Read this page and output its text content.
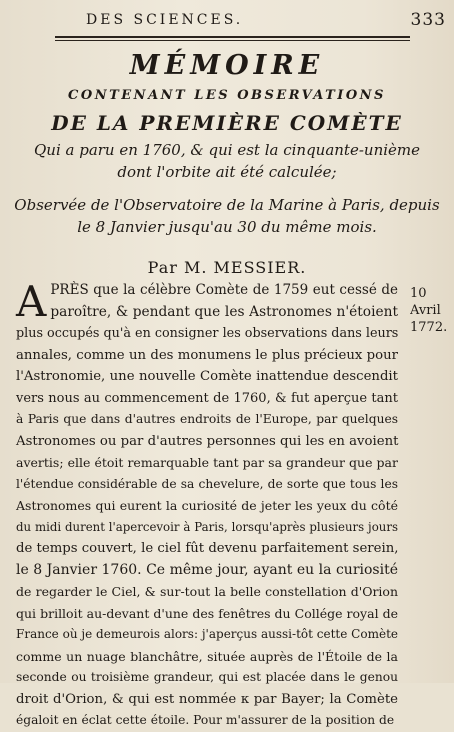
DES SCIENCES.	333
MÉMOIRE
CONTENANT LES OBSERVATIONS
DE LA PREMIÈRE COMÈTE
Qui a paru en 1760, & qui est la cinquante-unième
dont l'orbite ait été calculée;
Observée de l'Observatoire de la Marine à Paris, depuis
le 8 Janvier jusqu'au 30 du même mois.
Par M. MESSIER.
10 Avril
1772.
A PRÈS que la célèbre Comète de 1759 eut cessé de
paroître, & pendant que les Astronomes n'étoient
plus occupés qu'à en consigner les observations dans leurs
annales, comme un des monumens le plus précieux pour
l'Astronomie, une nouvelle Comète inattendue descendit
vers nous au commencement de 1760, & fut aperçue tant
à Paris que dans d'autres endroits de l'Europe, par quelques
Astronomes ou par d'autres personnes qui les en avoient
avertis; elle étoit remarquable tant par sa grandeur que par
l'étendue considérable de sa chevelure, de sorte que tous les
Astronomes qui eurent la curiosité de jeter les yeux du côté
du midi durent l'apercevoir à Paris, lorsqu'après plusieurs jours
de temps couvert, le ciel fût devenu parfaitement serein,
le 8 Janvier 1760. Ce même jour, ayant eu la curiosité
de regarder le Ciel, & sur-tout la belle constellation d'Orion
qui brilloit au-devant d'une des fenêtres du Collége royal de
France où je demeurois alors: j'aperçus aussi-tôt cette Comète
comme un nuage blanchâtre, située auprès de l'Étoile de la
seconde ou troisième grandeur, qui est placée dans le genou
droit d'Orion, & qui est nommée κ par Bayer; la Comète
égaloit en éclat cette étoile. Pour m'assurer de la position de
